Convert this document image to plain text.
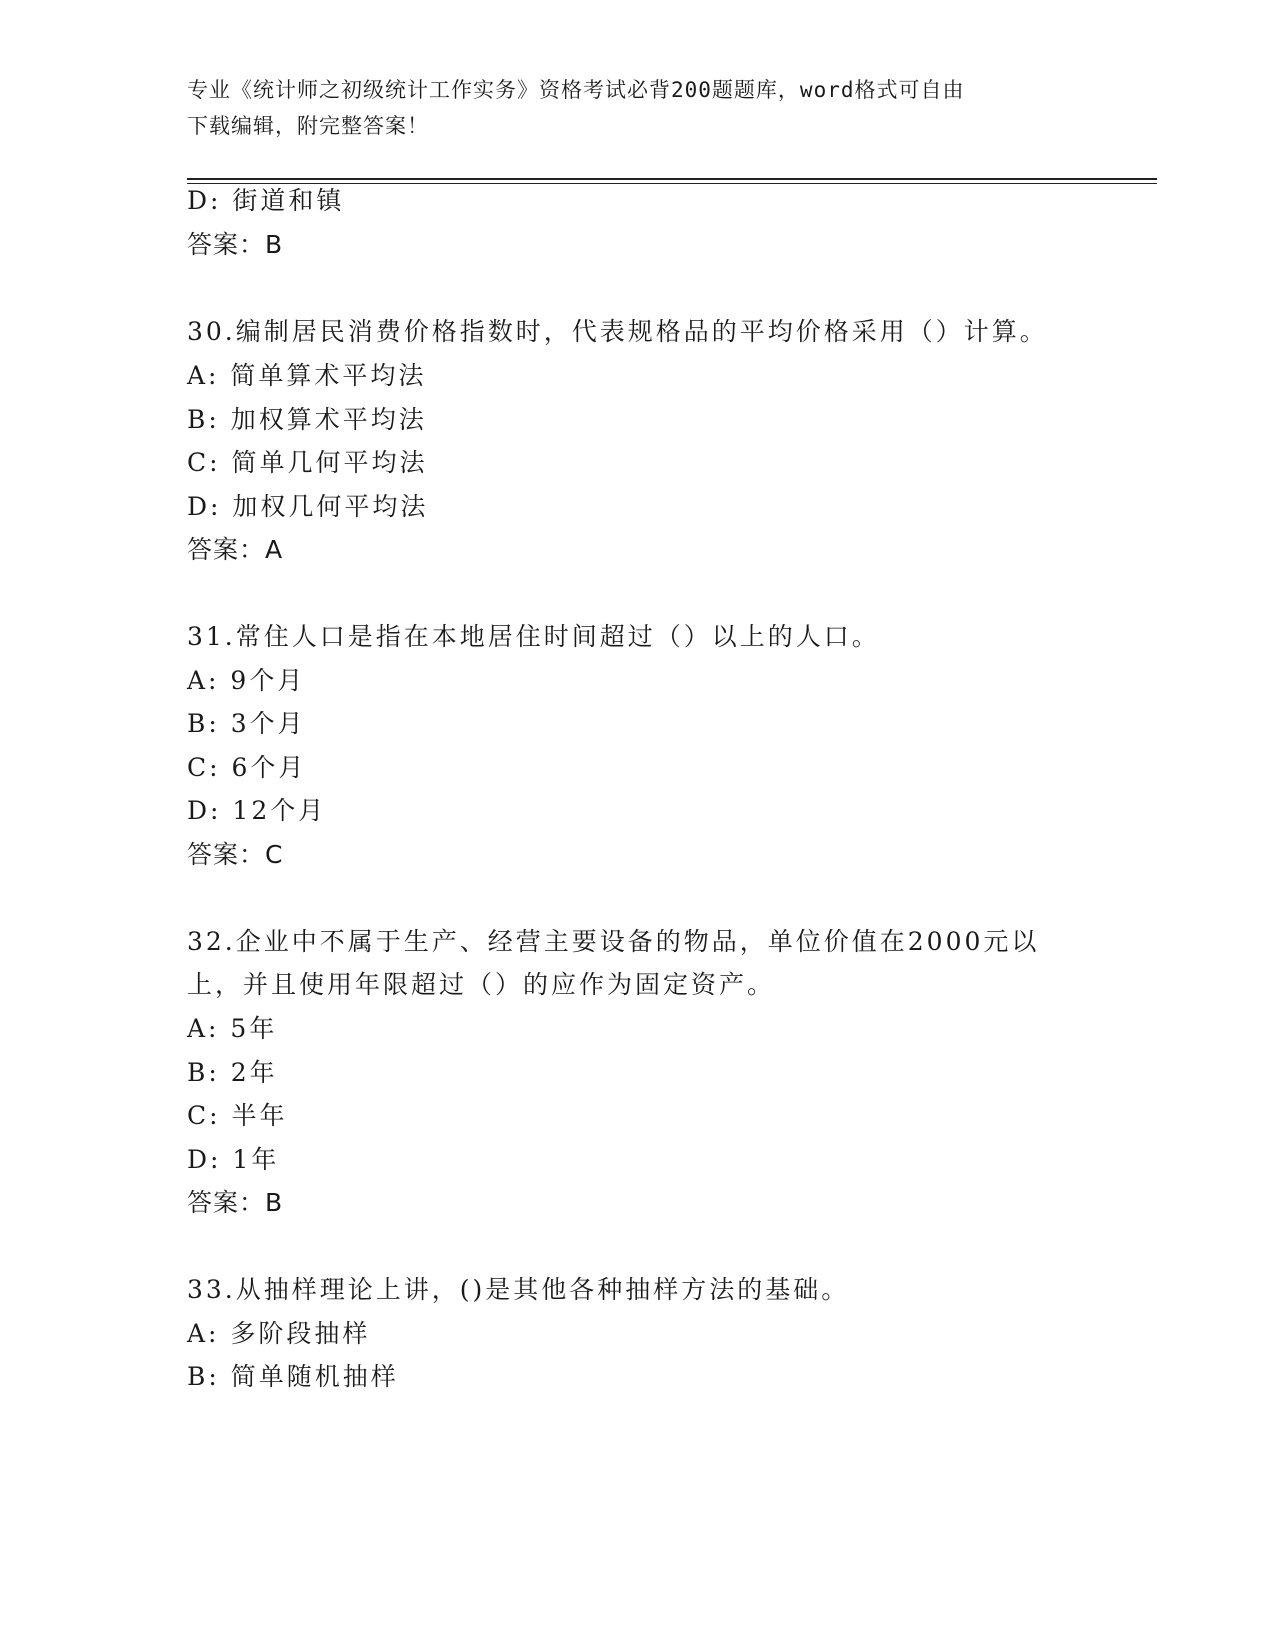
专业《统计师之初级统计工作实务》资格考试必背200题题库，word格式可自由
下载编辑，附完整答案！
D: 街道和镇
答案：B
30.编制居民消费价格指数时，代表规格品的平均价格采用（）计算。
A: 简单算术平均法
B: 加权算术平均法
C: 简单几何平均法
D: 加权几何平均法
答案：A
31.常住人口是指在本地居住时间超过（）以上的人口。
A: 9个月
B: 3个月
C: 6个月
D: 12个月
答案：C
32.企业中不属于生产、经营主要设备的物品，单位价值在2000元以
上，并且使用年限超过（）的应作为固定资产。
A: 5年
B: 2年
C: 半年
D: 1年
答案：B
33.从抽样理论上讲，()是其他各种抽样方法的基础。
A: 多阶段抽样
B: 简单随机抽样
